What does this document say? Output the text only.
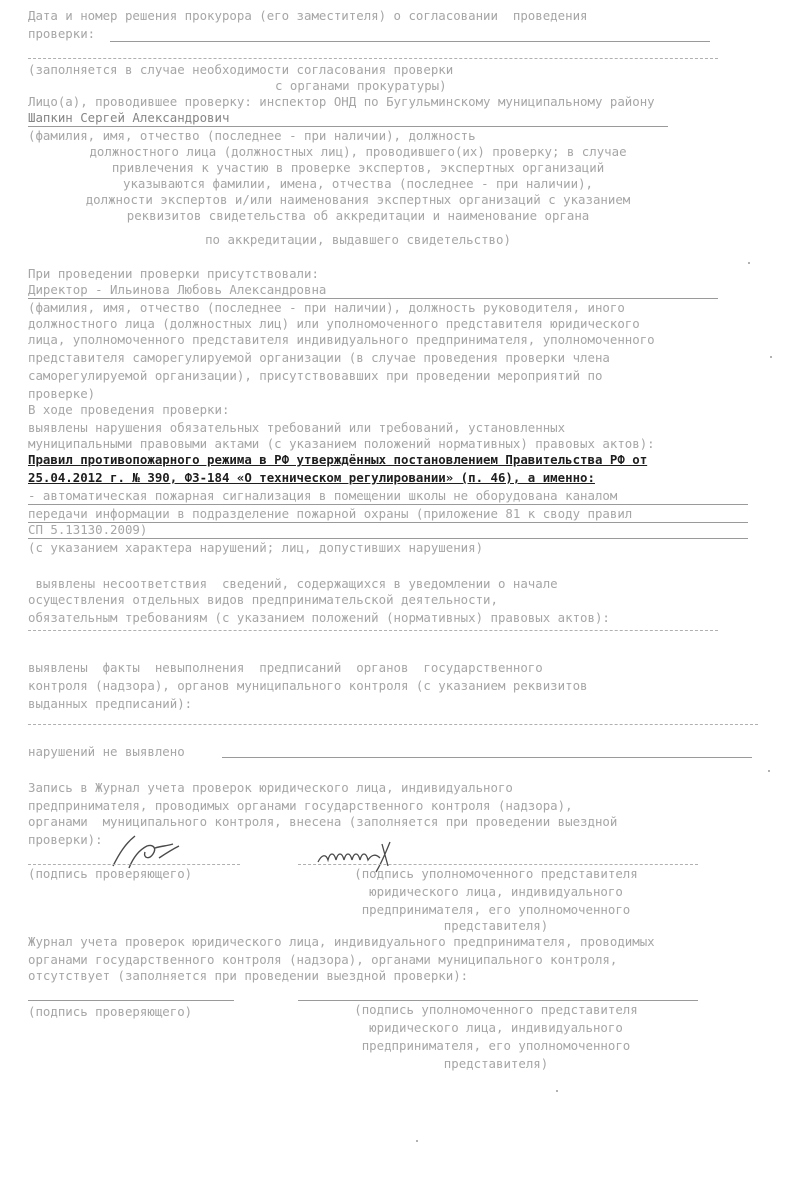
Дата и номер решения прокурора (его заместителя) о согласовании  проведения
проверки:
(заполняется в случае необходимости согласования проверки
с органами прокуратуры)
Лицо(а), проводившее проверку: инспектор ОНД по Бугульминскому муниципальному району
Шапкин Сергей Александрович
(фамилия, имя, отчество (последнее - при наличии), должность
должностного лица (должностных лиц), проводившего(их) проверку; в случае
привлечения к участию в проверке экспертов, экспертных организаций
указываются фамилии, имена, отчества (последнее - при наличии),
должности экспертов и/или наименования экспертных организаций с указанием
реквизитов свидетельства об аккредитации и наименование органа
по аккредитации, выдавшего свидетельство)
При проведении проверки присутствовали:
Директор - Ильинова Любовь Александровна
(фамилия, имя, отчество (последнее - при наличии), должность руководителя, иного
должностного лица (должностных лиц) или уполномоченного представителя юридического
лица, уполномоченного представителя индивидуального предпринимателя, уполномоченного
представителя саморегулируемой организации (в случае проведения проверки члена
саморегулируемой организации), присутствовавших при проведении мероприятий по
проверке)
В ходе проведения проверки:
выявлены нарушения обязательных требований или требований, установленных
муниципальными правовыми актами (с указанием положений нормативных) правовых актов):
Правил противопожарного режима в РФ утверждённых постановлением Правительства РФ от
25.04.2012 г. № 390, ФЗ-184 «О техническом регулировании» (п. 46), а именно:
- автоматическая пожарная сигнализация в помещении школы не оборудована каналом
передачи информации в подразделение пожарной охраны (приложение 81 к своду правил
СП 5.13130.2009)
(с указанием характера нарушений; лиц, допустивших нарушения)
выявлены несоответствия  сведений, содержащихся в уведомлении о начале
осуществления отдельных видов предпринимательской деятельности,
обязательным требованиям (с указанием положений (нормативных) правовых актов):
выявлены  факты  невыполнения  предписаний  органов  государственного
контроля (надзора), органов муниципального контроля (с указанием реквизитов
выданных предписаний):
нарушений не выявлено
Запись в Журнал учета проверок юридического лица, индивидуального
предпринимателя, проводимых органами государственного контроля (надзора),
органами  муниципального контроля, внесена (заполняется при проведении выездной
проверки):
(подпись проверяющего)	(подпись уполномоченного представителя
юридического лица, индивидуального
предпринимателя, его уполномоченного
представителя)
Журнал учета проверок юридического лица, индивидуального предпринимателя, проводимых
органами государственного контроля (надзора), органами муниципального контроля,
отсутствует (заполняется при проведении выездной проверки):
(подпись проверяющего)	(подпись уполномоченного представителя
юридического лица, индивидуального
предпринимателя, его уполномоченного
представителя)
